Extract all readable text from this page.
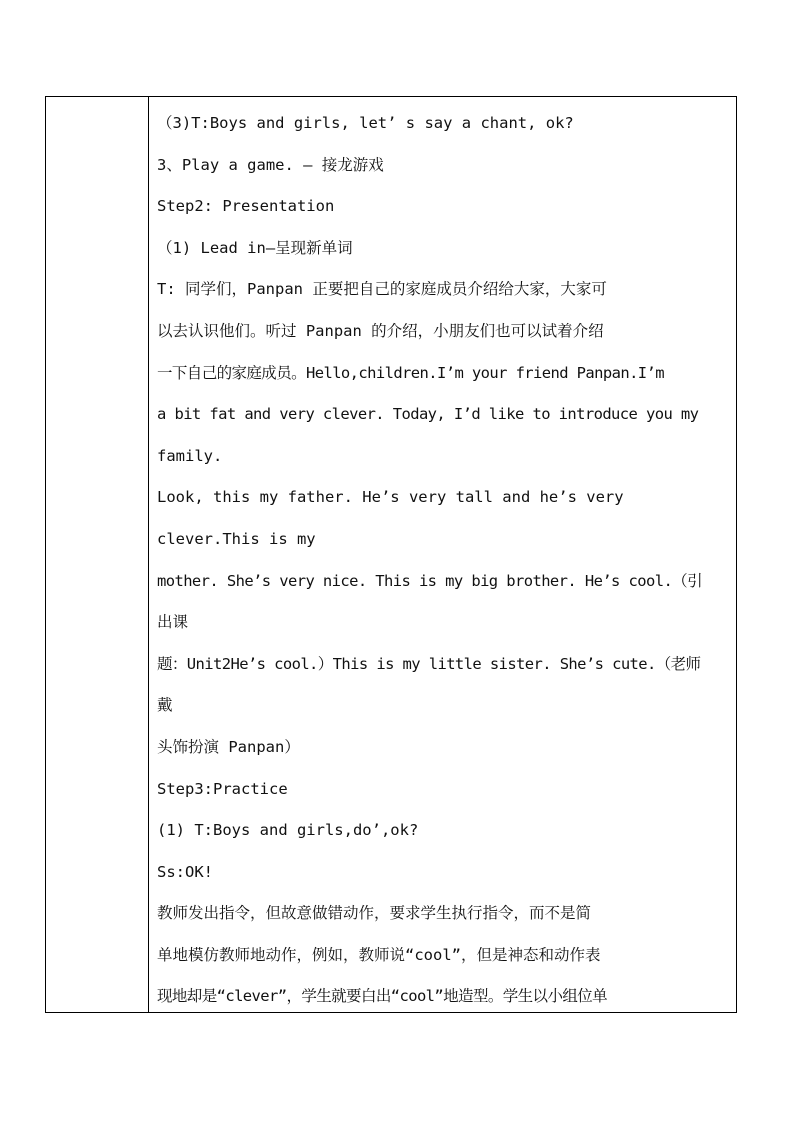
（3)T:Boys and girls, let’ s say a chant, ok?
3、Play a game. – 接龙游戏
Step2: Presentation
（1) Lead in—呈现新单词
T: 同学们，Panpan 正要把自己的家庭成员介绍给大家，大家可
以去认识他们。听过 Panpan 的介绍，小朋友们也可以试着介绍
一下自己的家庭成员。Hello,children.I’m your friend Panpan.I’m
a bit fat and very clever. Today, I’d like to introduce you my
family.
Look, this my father. He’s very tall and he’s very
clever.This is my
mother. She’s very nice. This is my big brother. He’s cool.（引
出课
题：Unit2He’s cool.）This is my little sister. She’s cute.（老师
戴
头饰扮演 Panpan）
Step3:Practice
(1) T:Boys and girls,do’,ok?
Ss:OK!
教师发出指令，但故意做错动作，要求学生执行指令，而不是简
单地模仿教师地动作，例如，教师说“cool”，但是神态和动作表
现地却是“clever”，学生就要白出“cool”地造型。学生以小组位单
